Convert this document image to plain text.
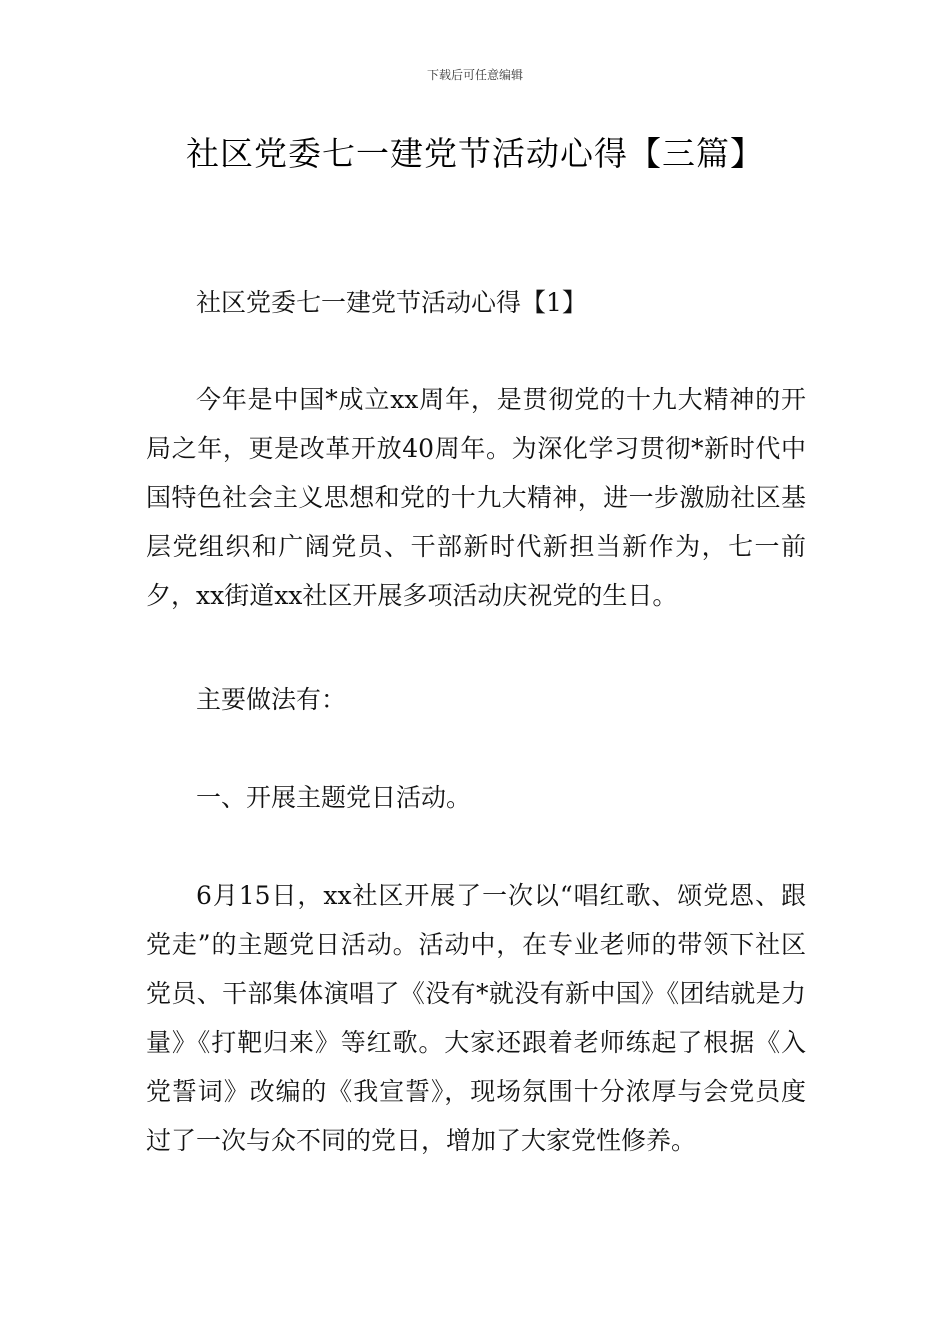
下载后可任意编辑
社区党委七一建党节活动心得【三篇】

社区党委七一建党节活动心得【1】

今年是中国*成立xx周年，是贯彻党的十九大精神的开局之年，更是改革开放40周年。为深化学习贯彻*新时代中国特色社会主义思想和党的十九大精神，进一步激励社区基层党组织和广阔党员、干部新时代新担当新作为，七一前夕，xx街道xx社区开展多项活动庆祝党的生日。

主要做法有：

一、开展主题党日活动。

6月15日，xx社区开展了一次以“唱红歌、颂党恩、跟党走”的主题党日活动。活动中，在专业老师的带领下社区党员、干部集体演唱了《没有*就没有新中国》《团结就是力量》《打靶归来》等红歌。大家还跟着老师练起了根据《入党誓词》改编的《我宣誓》，现场氛围十分浓厚与会党员度过了一次与众不同的党日，增加了大家党性修养。
